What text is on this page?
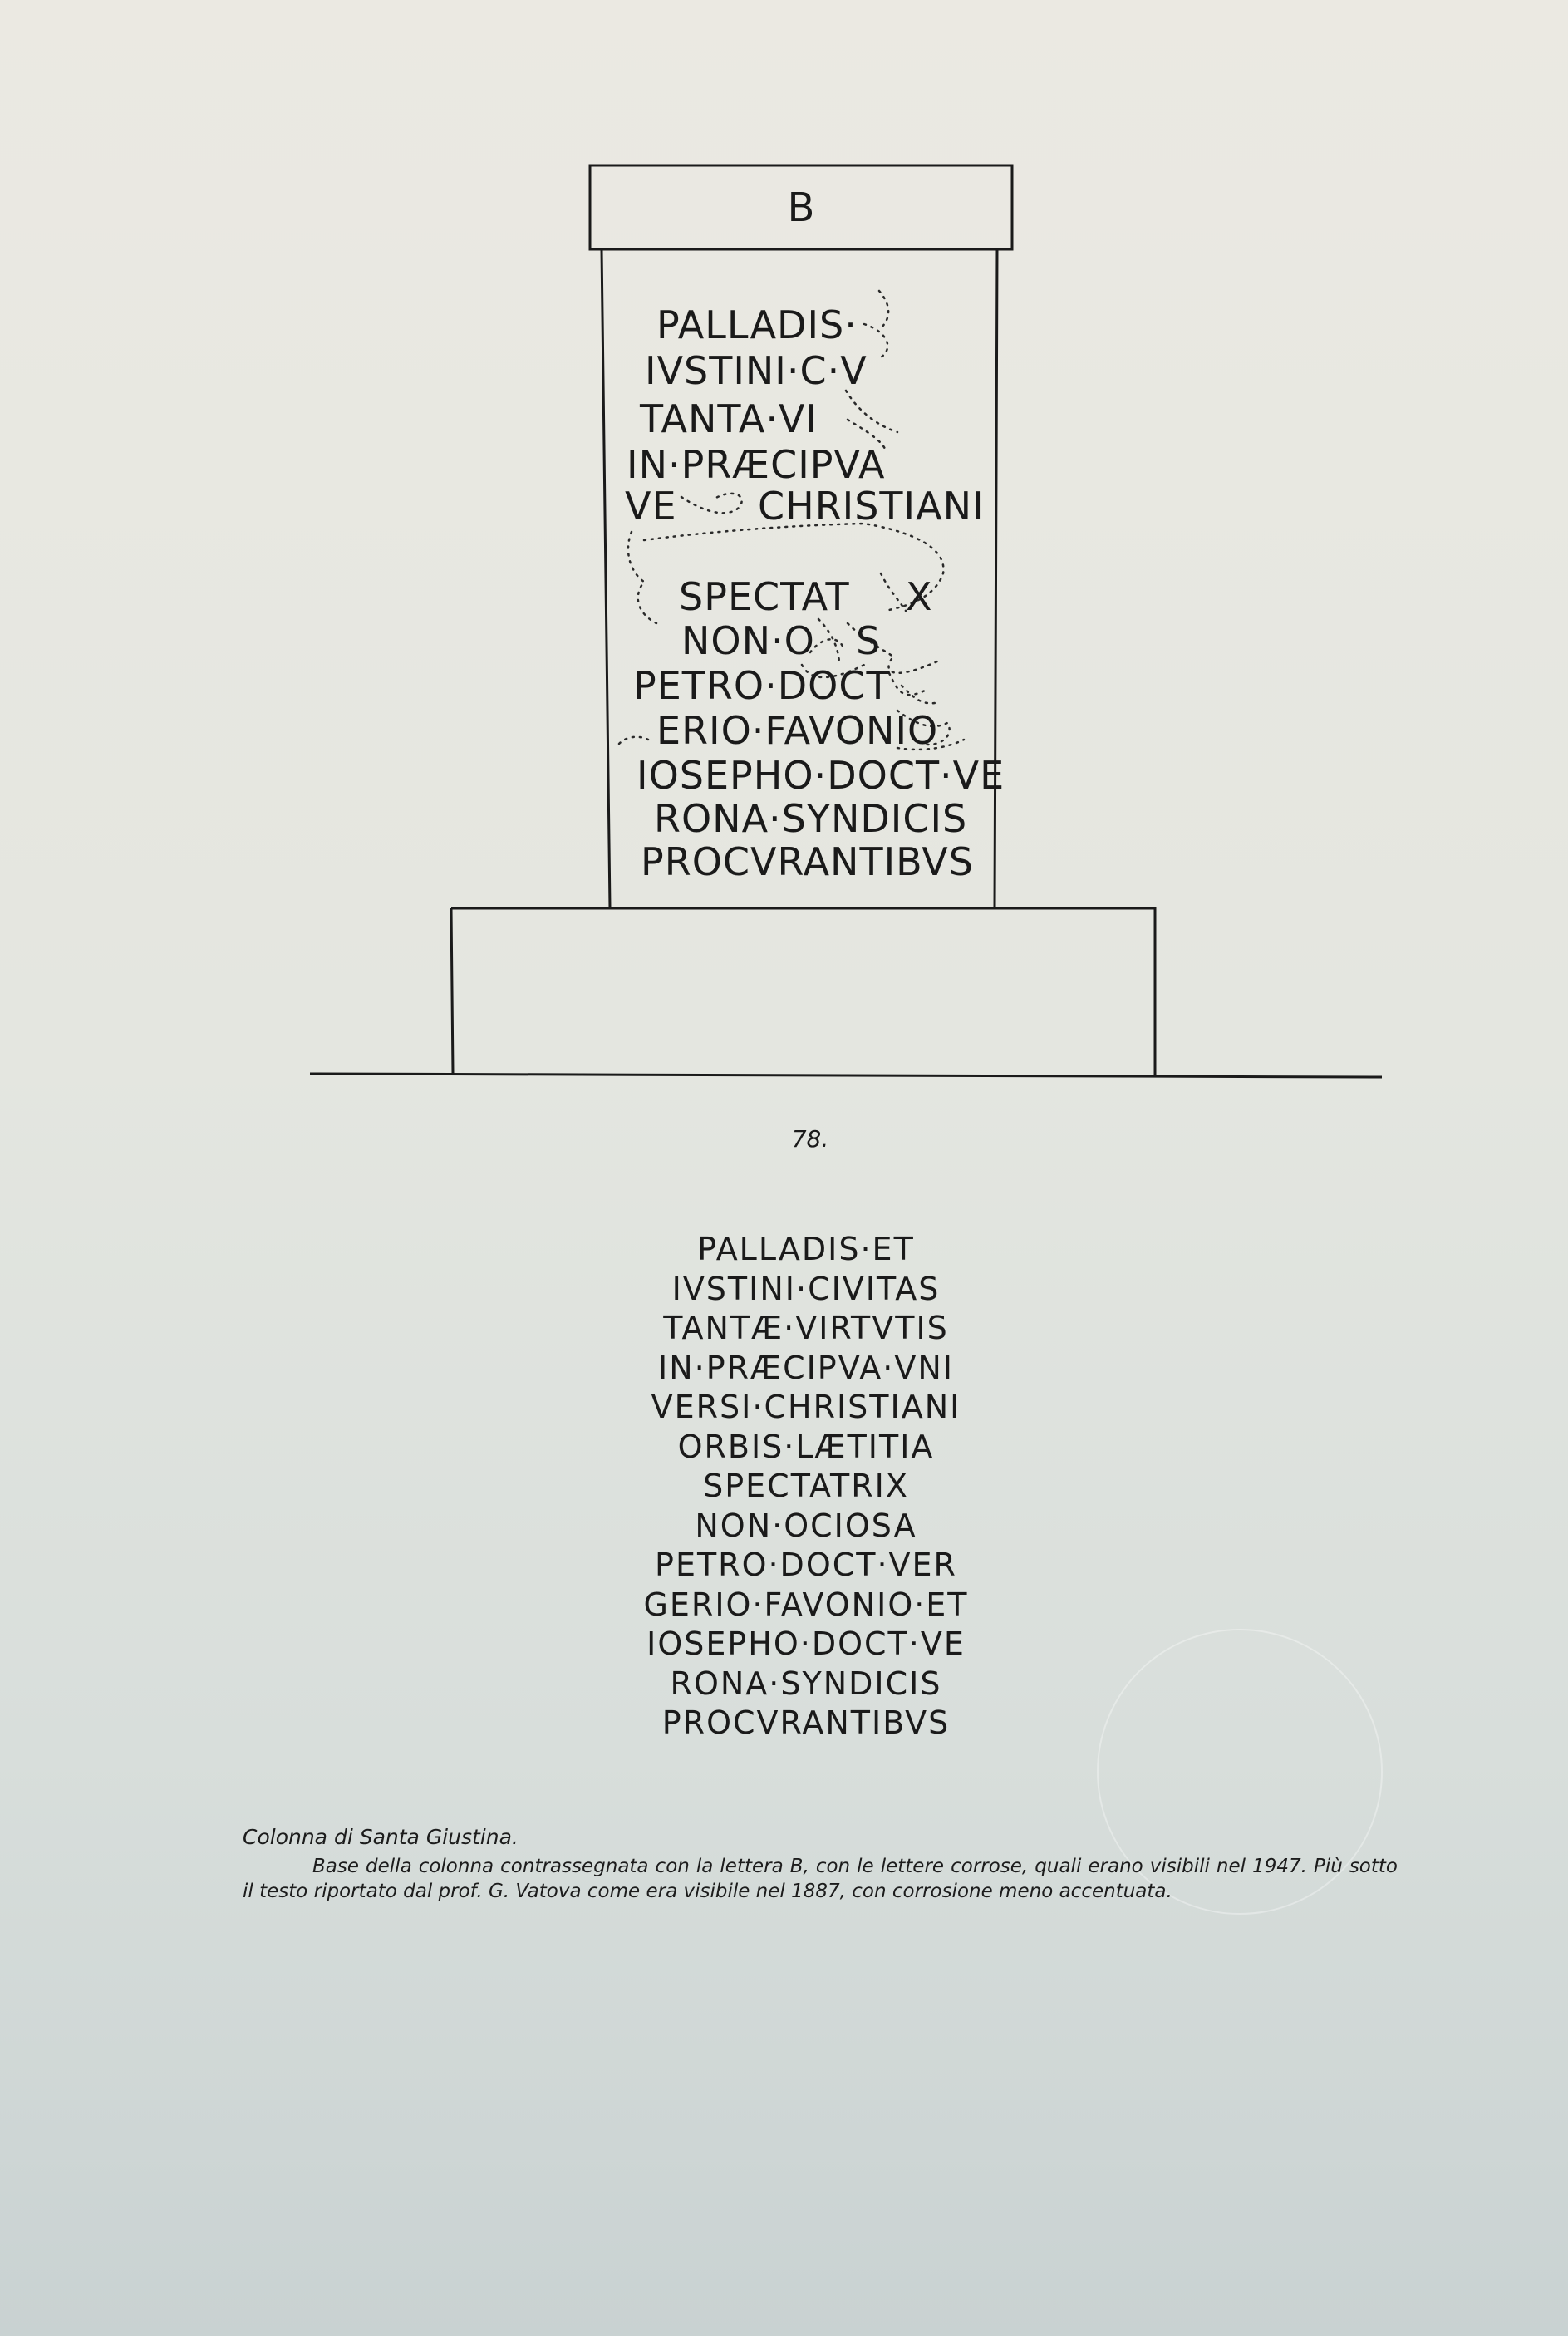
B
PALLADIS·
IVSTINI·C·V
TANTA·VI
IN·PRÆCIPVA
VE CHRISTIANI
SPECTAT X
NON·O S
PETRO·DOCT
ERIO·FAVONIO
IOSEPHO·DOCT·VE
RONA·SYNDICIS
PROCVRANTIBVS
78.
PALLADIS·ET
IVSTINI·CIVITAS
TANTÆ·VIRTVTIS
IN·PRÆCIPVA·VNI
VERSI·CHRISTIANI
ORBIS·LÆTITIA
SPECTATRIX
NON·OCIOSA
PETRO·DOCT·VER
GERIO·FAVONIO·ET
IOSEPHO·DOCT·VE
RONA·SYNDICIS
PROCVRANTIBVS

Colonna di Santa Giustina.

Base della colonna contrassegnata con la lettera B, con le lettere corrose, quali erano visibili nel 1947. Più sotto il testo riportato dal prof. G. Vatova come era visibile nel 1887, con corrosione meno accentuata.
